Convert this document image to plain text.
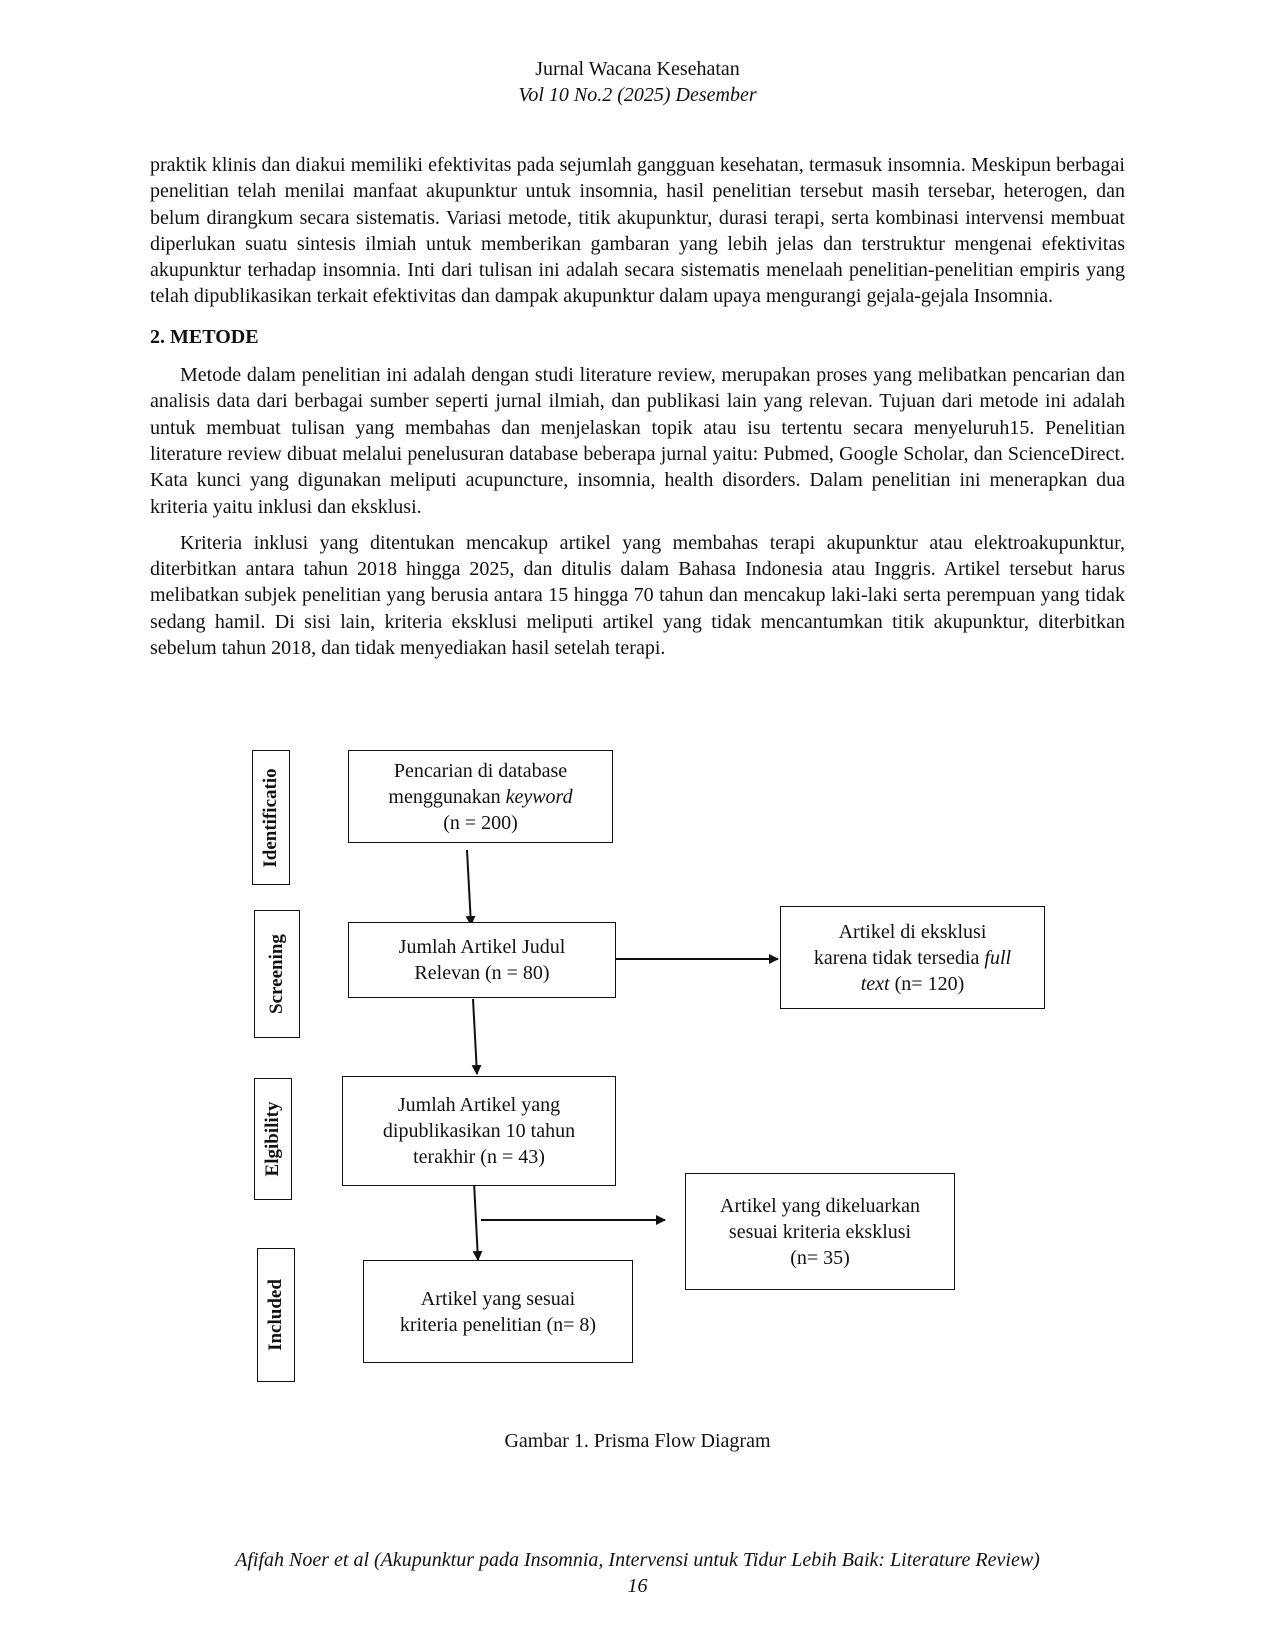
Jurnal Wacana Kesehatan
Vol 10 No.2 (2025) Desember

praktik klinis dan diakui memiliki efektivitas pada sejumlah gangguan kesehatan, termasuk insomnia. Meskipun berbagai penelitian telah menilai manfaat akupunktur untuk insomnia, hasil penelitian tersebut masih tersebar, heterogen, dan belum dirangkum secara sistematis. Variasi metode, titik akupunktur, durasi terapi, serta kombinasi intervensi membuat diperlukan suatu sintesis ilmiah untuk memberikan gambaran yang lebih jelas dan terstruktur mengenai efektivitas akupunktur terhadap insomnia. Inti dari tulisan ini adalah secara sistematis menelaah penelitian-penelitian empiris yang telah dipublikasikan terkait efektivitas dan dampak akupunktur dalam upaya mengurangi gejala-gejala Insomnia.

2. METODE

Metode dalam penelitian ini adalah dengan studi literature review, merupakan proses yang melibatkan pencarian dan analisis data dari berbagai sumber seperti jurnal ilmiah, dan publikasi lain yang relevan. Tujuan dari metode ini adalah untuk membuat tulisan yang membahas dan menjelaskan topik atau isu tertentu secara menyeluruh15. Penelitian literature review dibuat melalui penelusuran database beberapa jurnal yaitu: Pubmed, Google Scholar, dan ScienceDirect. Kata kunci yang digunakan meliputi acupuncture, insomnia, health disorders. Dalam penelitian ini menerapkan dua kriteria yaitu inklusi dan eksklusi.

Kriteria inklusi yang ditentukan mencakup artikel yang membahas terapi akupunktur atau elektroakupunktur, diterbitkan antara tahun 2018 hingga 2025, dan ditulis dalam Bahasa Indonesia atau Inggris. Artikel tersebut harus melibatkan subjek penelitian yang berusia antara 15 hingga 70 tahun dan mencakup laki-laki serta perempuan yang tidak sedang hamil. Di sisi lain, kriteria eksklusi meliputi artikel yang tidak mencantumkan titik akupunktur, diterbitkan sebelum tahun 2018, dan tidak menyediakan hasil setelah terapi.

Identificatio
Screening
Elgibility
Included
Pencarian di database
menggunakan keyword
(n = 200)
Jumlah Artikel Judul
Relevan (n = 80)
Artikel di eksklusi
karena tidak tersedia full
text (n= 120)
Jumlah Artikel yang
dipublikasikan 10 tahun
terakhir (n = 43)
Artikel yang dikeluarkan
sesuai kriteria eksklusi
(n= 35)
Artikel yang sesuai
kriteria penelitian (n= 8)
Gambar 1. Prisma Flow Diagram
Afifah Noer et al (Akupunktur pada Insomnia, Intervensi untuk Tidur Lebih Baik: Literature Review)
16
